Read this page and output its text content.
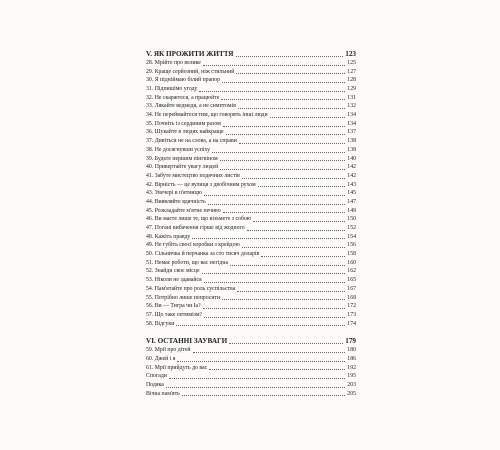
V. ЯК ПРОЖИТИ ЖИТТЯ	123
28. Мрійте про велике	125
29. Краще серйозний, ніж стильний	127
30. Я підніймаю білий прапор	128
31. Підпишімо угоду	129
32. Не скаржтеся, а працюйте	131
33. Лякайте ведмедя, а не симптомів	132
34. Не переймайтеся тим, що говорять інші люди	134
35. Почніть із сердиним разом	134
36. Шукайте в людях найкраще	137
37. Дивіться не на слова, а на справи	138
38. Не досягнувши успіху	138
39. Будьте першим пінгвіном	140
40. Привертайте увагу людей	142
41. Забуте мистецтво подячних листів	142
42. Вірність — це вулиця з двобічним рухом	143
43. Увечері в п'ятницю	145
44. Виявляйте вдячність	147
45. Розкладайте м'ятне печиво	149
46. Ви маєте лише те, що візьмете з собою	150
47. Погані вибачення гірше від жодного	152
48. Кажіть правду	154
49. Не губіть своєї коробки з крейдою	156
50. Сільничка й перчанка за сто тисяч доларів	158
51. Немає роботи, що вас негідна	160
52. Знайди своє місце	162
53. Ніколи не здавайся	165
54. Пам'ятайте про роль суспільства	167
55. Потрібно лише попросити	168
56. Ви — Тигра чи Іа?	172
57. Що таке оптимізм?	173
58. Відгуки	174
VI. ОСТАННІ ЗАУВАГИ	179
59. Мрії про дітей	180
60. Джей і я	186
61. Мрії прийдуть до вас	192
Спогади	195
Подяка	203
Вічна пам'ять	205
